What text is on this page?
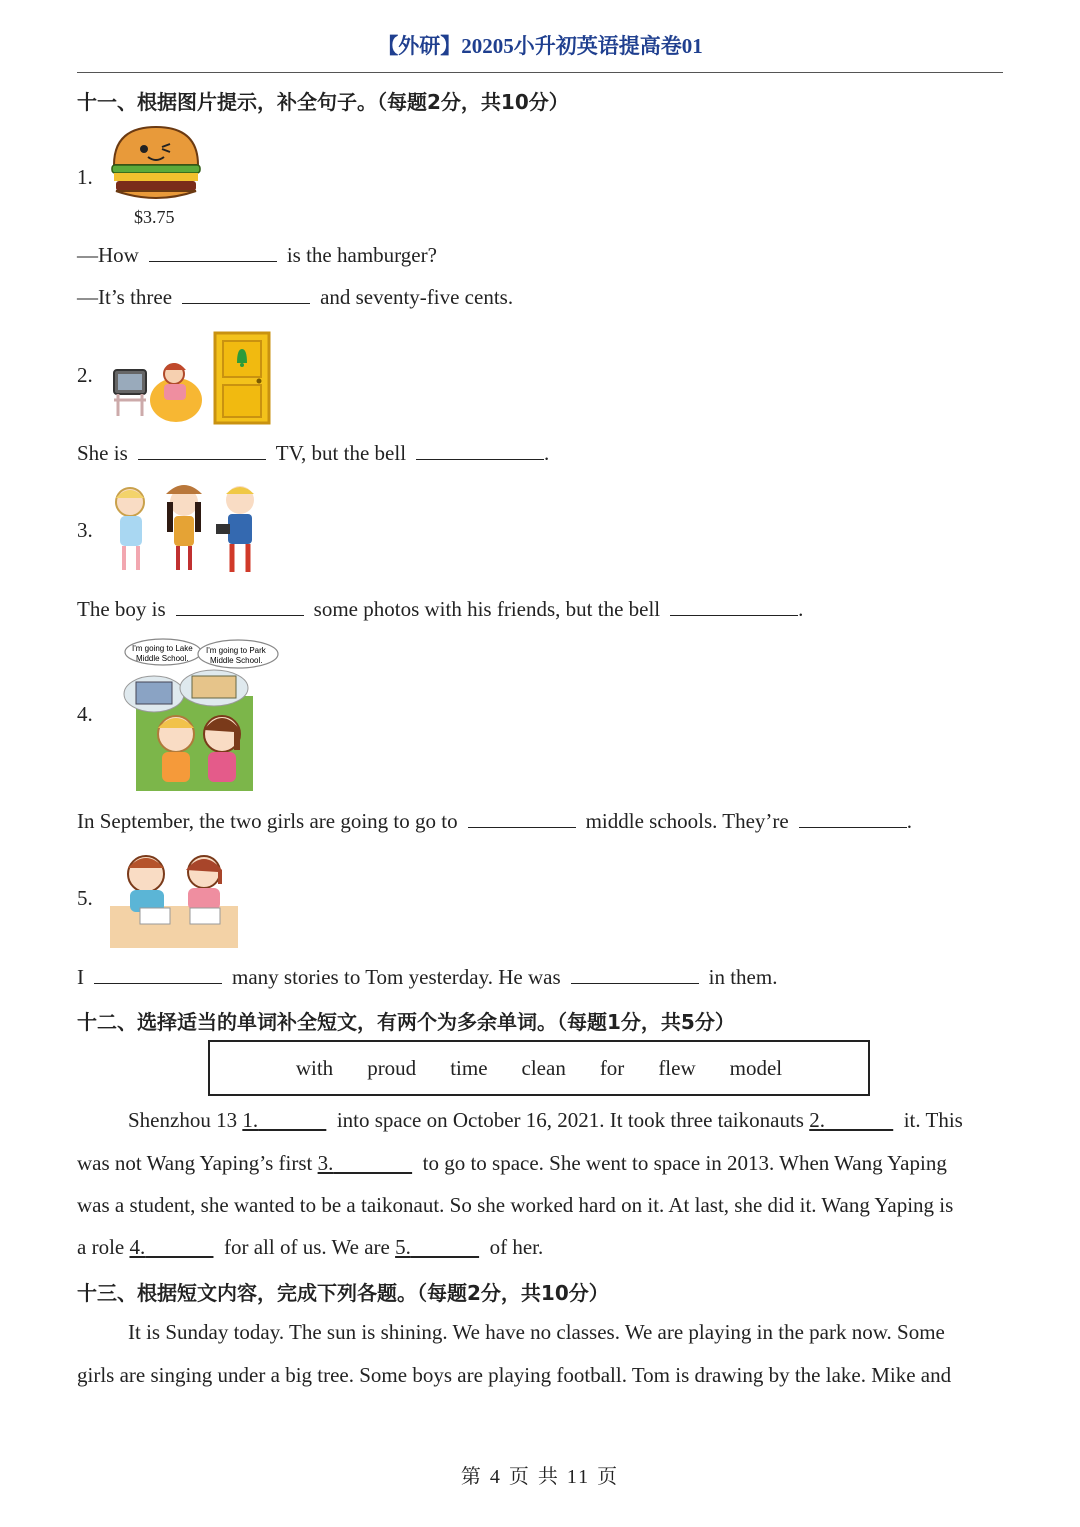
【外研】20205小升初英语提高卷01
十一、根据图片提示，补全句子。（每题2分，共10分）
1.
$3.75
—How	is the hamburger?
—It’s three	and seventy-five cents.
2.
She is	TV, but the bell	.
3.
The boy is	some photos with his friends, but the bell	.
4.
I'm going to Lake
Middle School.
I'm going to Park
Middle School.
In September, the two girls are going to go to	middle schools. They’re	.
5.
I	many stories to Tom yesterday. He was	in them.
十二、选择适当的单词补全短文，有两个为多余单词。（每题1分，共5分）
with proud time clean for flew model
Shenzhou 13 1.	into space on October 16, 2021. It took three taikonauts 2.	it. This
was not Wang Yaping’s first 3.	to go to space. She went to space in 2013. When Wang Yaping
was a student, she wanted to be a taikonaut. So she worked hard on it. At last, she did it. Wang Yaping is
a role 4.	for all of us. We are 5.	of her.
十三、根据短文内容，完成下列各题。（每题2分，共10分）
It is Sunday today. The sun is shining. We have no classes. We are playing in the park now. Some
girls are singing under a big tree. Some boys are playing football. Tom is drawing by the lake. Mike and
第 4 页 共 11 页
